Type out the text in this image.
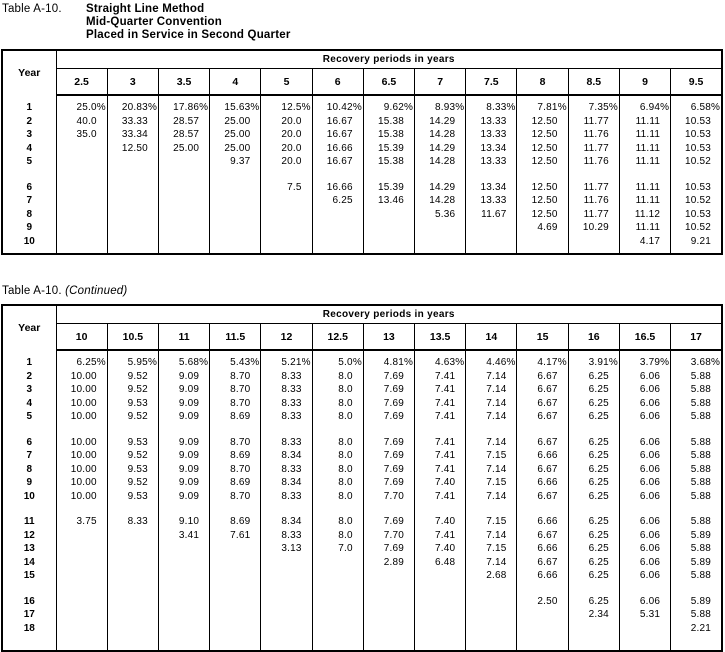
Table A-10.	Straight Line Method
Mid-Quarter Convention
Placed in Service in Second Quarter
Year	Recovery periods in years												
	2.5	3	3.5	4	5	6	6.5	7	7.5	8	8.5	9	9.5
1	25.0%	20.83%	17.86%	15.63%	12.5%	10.42%	9.62%	8.93%	8.33%	7.81%	7.35%	6.94%	6.58%
2	40.0	33.33	28.57	25.00	20.0	16.67	15.38	14.29	13.33	12.50	11.77	11.11	10.53
3	35.0	33.34	28.57	25.00	20.0	16.67	15.38	14.28	13.33	12.50	11.76	11.11	10.53
4		12.50	25.00	25.00	20.0	16.66	15.39	14.29	13.34	12.50	11.77	11.11	10.53
5				9.37	20.0	16.67	15.38	14.28	13.33	12.50	11.76	11.11	10.52

6					7.5	16.66	15.39	14.29	13.34	12.50	11.77	11.11	10.53
7						6.25	13.46	14.28	13.33	12.50	11.76	11.11	10.52
8								5.36	11.67	12.50	11.77	11.12	10.53
9										4.69	10.29	11.11	10.52
10												4.17	9.21

Table A-10. (Continued)
Year	Recovery periods in years												
	10	10.5	11	11.5	12	12.5	13	13.5	14	15	16	16.5	17
1	6.25%	5.95%	5.68%	5.43%	5.21%	5.0%	4.81%	4.63%	4.46%	4.17%	3.91%	3.79%	3.68%
2	10.00	9.52	9.09	8.70	8.33	8.0	7.69	7.41	7.14	6.67	6.25	6.06	5.88
3	10.00	9.52	9.09	8.70	8.33	8.0	7.69	7.41	7.14	6.67	6.25	6.06	5.88
4	10.00	9.53	9.09	8.70	8.33	8.0	7.69	7.41	7.14	6.67	6.25	6.06	5.88
5	10.00	9.52	9.09	8.69	8.33	8.0	7.69	7.41	7.14	6.67	6.25	6.06	5.88

6	10.00	9.53	9.09	8.70	8.33	8.0	7.69	7.41	7.14	6.67	6.25	6.06	5.88
7	10.00	9.52	9.09	8.69	8.34	8.0	7.69	7.41	7.15	6.66	6.25	6.06	5.88
8	10.00	9.53	9.09	8.70	8.33	8.0	7.69	7.41	7.14	6.67	6.25	6.06	5.88
9	10.00	9.52	9.09	8.69	8.34	8.0	7.69	7.40	7.15	6.66	6.25	6.06	5.88
10	10.00	9.53	9.09	8.70	8.33	8.0	7.70	7.41	7.14	6.67	6.25	6.06	5.88

11	3.75	8.33	9.10	8.69	8.34	8.0	7.69	7.40	7.15	6.66	6.25	6.06	5.88
12			3.41	7.61	8.33	8.0	7.70	7.41	7.14	6.67	6.25	6.06	5.89
13					3.13	7.0	7.69	7.40	7.15	6.66	6.25	6.06	5.88
14							2.89	6.48	7.14	6.67	6.25	6.06	5.89
15									2.68	6.66	6.25	6.06	5.88

16										2.50	6.25	6.06	5.89
17											2.34	5.31	5.88
18													2.21
